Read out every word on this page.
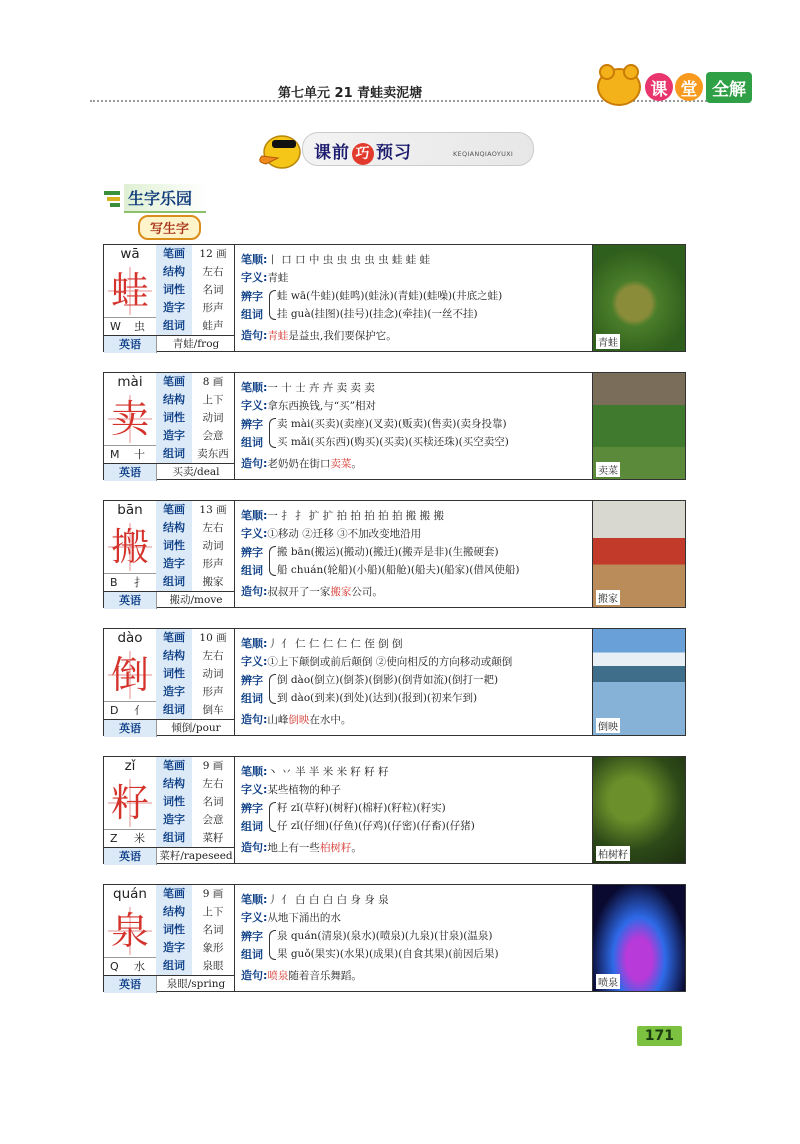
第七单元 21 青蛙卖泥塘	课 堂 全解
课前 巧 预习	KEQIANQIAOYUXI
生字乐园
写生字
wā
蛙
W 虫
笔画	12 画
结构	左右
词性	名词
造字	形声
组词	蛙声
英语	青蛙/frog
笔顺:丨 口 口 中 虫 虫 虫 虫 虫 蛙 蛙 蛙
字义:青蛙
辨字
组词
蛙 wā(牛蛙)(蛙鸣)(蛙泳)(青蛙)(蛙噪)(井底之蛙)
挂 guà(挂图)(挂号)(挂念)(牵挂)(一丝不挂)
造句:青蛙是益虫,我们要保护它。
青蛙
mài
卖
M 十
笔画	8 画
结构	上下
词性	动词
造字	会意
组词	卖东西
英语	买卖/deal
笔顺:一 十 士 卉 卉 卖 卖 卖
字义:拿东西换钱,与“买”相对
辨字
组词
卖 mài(买卖)(卖座)(叉卖)(贩卖)(售卖)(卖身投靠)
买 mǎi(买东西)(购买)(买卖)(买椟还珠)(买空卖空)
造句:老奶奶在街口卖菜。
卖菜
bān
搬
B 扌
笔画	13 画
结构	左右
词性	动词
造字	形声
组词	搬家
英语	搬动/move
笔顺:一 扌 扌 扩 扩 拍 拍 拍 拍 拍 搬 搬 搬
字义:①移动 ②迁移 ③不加改变地沿用
辨字
组词
搬 bān(搬运)(搬动)(搬迁)(搬弄是非)(生搬硬套)
船 chuán(轮船)(小船)(船舱)(船夫)(船家)(借风使船)
造句:叔叔开了一家搬家公司。
搬家
dào
倒
D 亻
笔画	10 画
结构	左右
词性	动词
造字	形声
组词	倒车
英语	倾倒/pour
笔顺:丿 亻 仁 仁 仁 仁 仁 侄 倒 倒
字义:①上下颠倒或前后颠倒 ②使向相反的方向移动或颠倒
辨字
组词
倒 dào(倒立)(倒茶)(倒影)(倒背如流)(倒打一耙)
到 dào(到来)(到处)(达到)(报到)(初来乍到)
造句:山峰倒映在水中。
倒映
zǐ
籽
Z 米
笔画	9 画
结构	左右
词性	名词
造字	会意
组词	菜籽
英语	菜籽/rapeseed
笔顺:丶 丷 半 半 米 米 籽 籽 籽
字义:某些植物的种子
辨字
组词
籽 zǐ(草籽)(树籽)(棉籽)(籽粒)(籽实)
仔 zǐ(仔细)(仔鱼)(仔鸡)(仔密)(仔畜)(仔猪)
造句:地上有一些柏树籽。
柏树籽
quán
泉
Q 水
笔画	9 画
结构	上下
词性	名词
造字	象形
组词	泉眼
英语	泉眼/spring
笔顺:丿 亻 白 白 白 白 身 身 泉
字义:从地下涌出的水
辨字
组词
泉 quán(清泉)(泉水)(喷泉)(九泉)(甘泉)(温泉)
果 guǒ(果实)(水果)(成果)(自食其果)(前因后果)
造句:喷泉随着音乐舞蹈。
喷泉
171
